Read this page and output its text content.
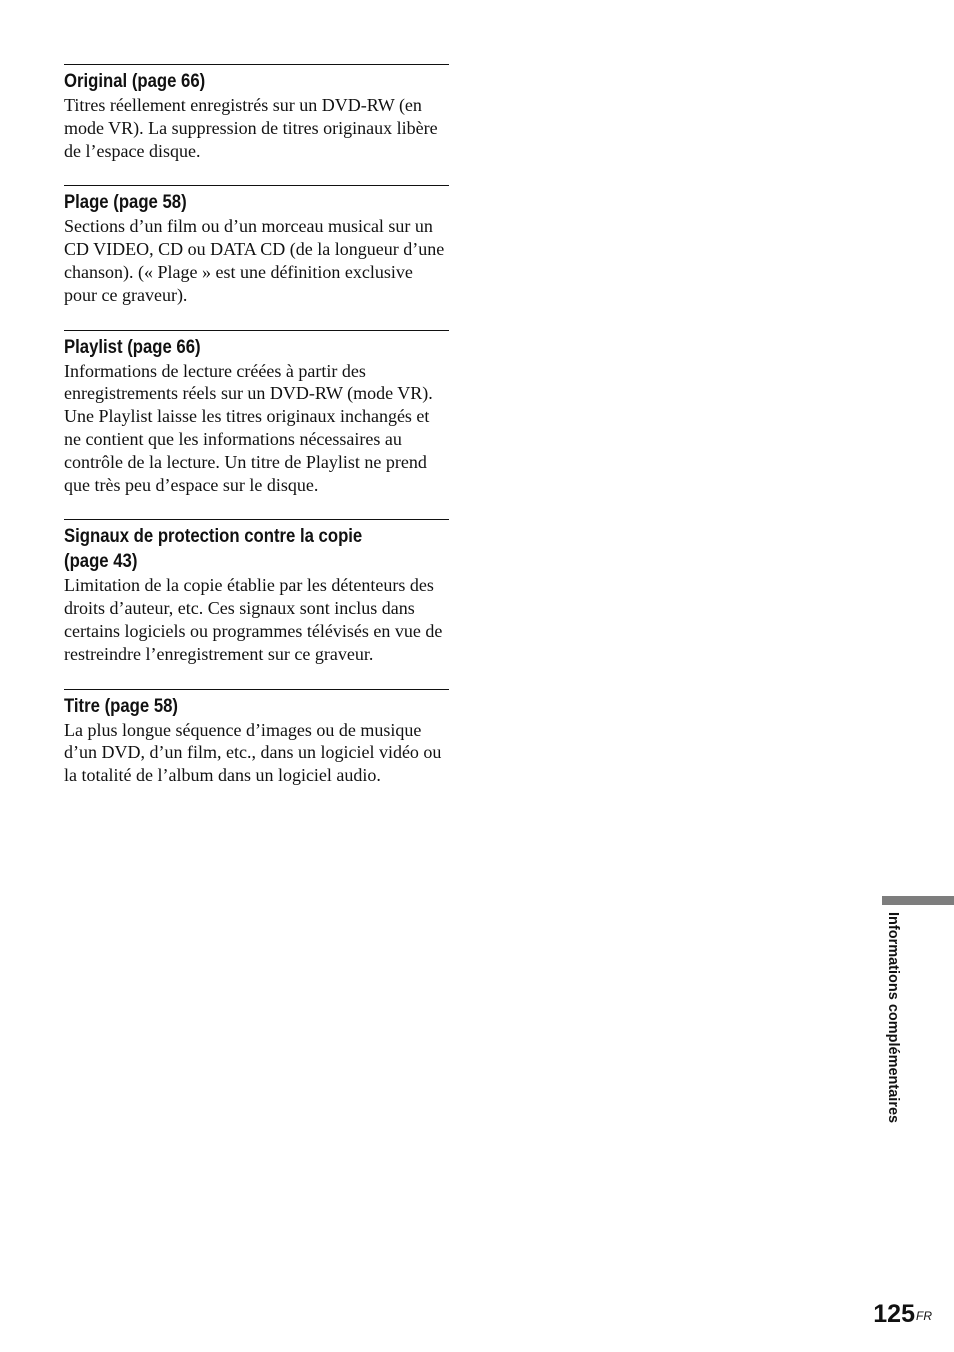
Original (page 66)

Titres réellement enregistrés sur un DVD-RW (en mode VR). La suppression de titres originaux libère de l’espace disque.

Plage (page 58)

Sections d’un film ou d’un morceau musical sur un CD VIDEO, CD ou DATA CD (de la longueur d’une chanson). (« Plage » est une définition exclusive pour ce graveur).

Playlist (page 66)

Informations de lecture créées à partir des enregistrements réels sur un DVD-RW (mode VR). Une Playlist laisse les titres originaux inchangés et ne contient que les informations nécessaires au contrôle de la lecture. Un titre de Playlist ne prend que très peu d’espace sur le disque.

Signaux de protection contre la copie
(page 43)

Limitation de la copie établie par les détenteurs des droits d’auteur, etc. Ces signaux sont inclus dans certains logiciels ou programmes télévisés en vue de restreindre l’enregistrement sur ce graveur.

Titre (page 58)

La plus longue séquence d’images ou de musique d’un DVD, d’un film, etc., dans un logiciel vidéo ou la totalité de l’album dans un logiciel audio.

Informations complémentaires
$125^{FR}$
